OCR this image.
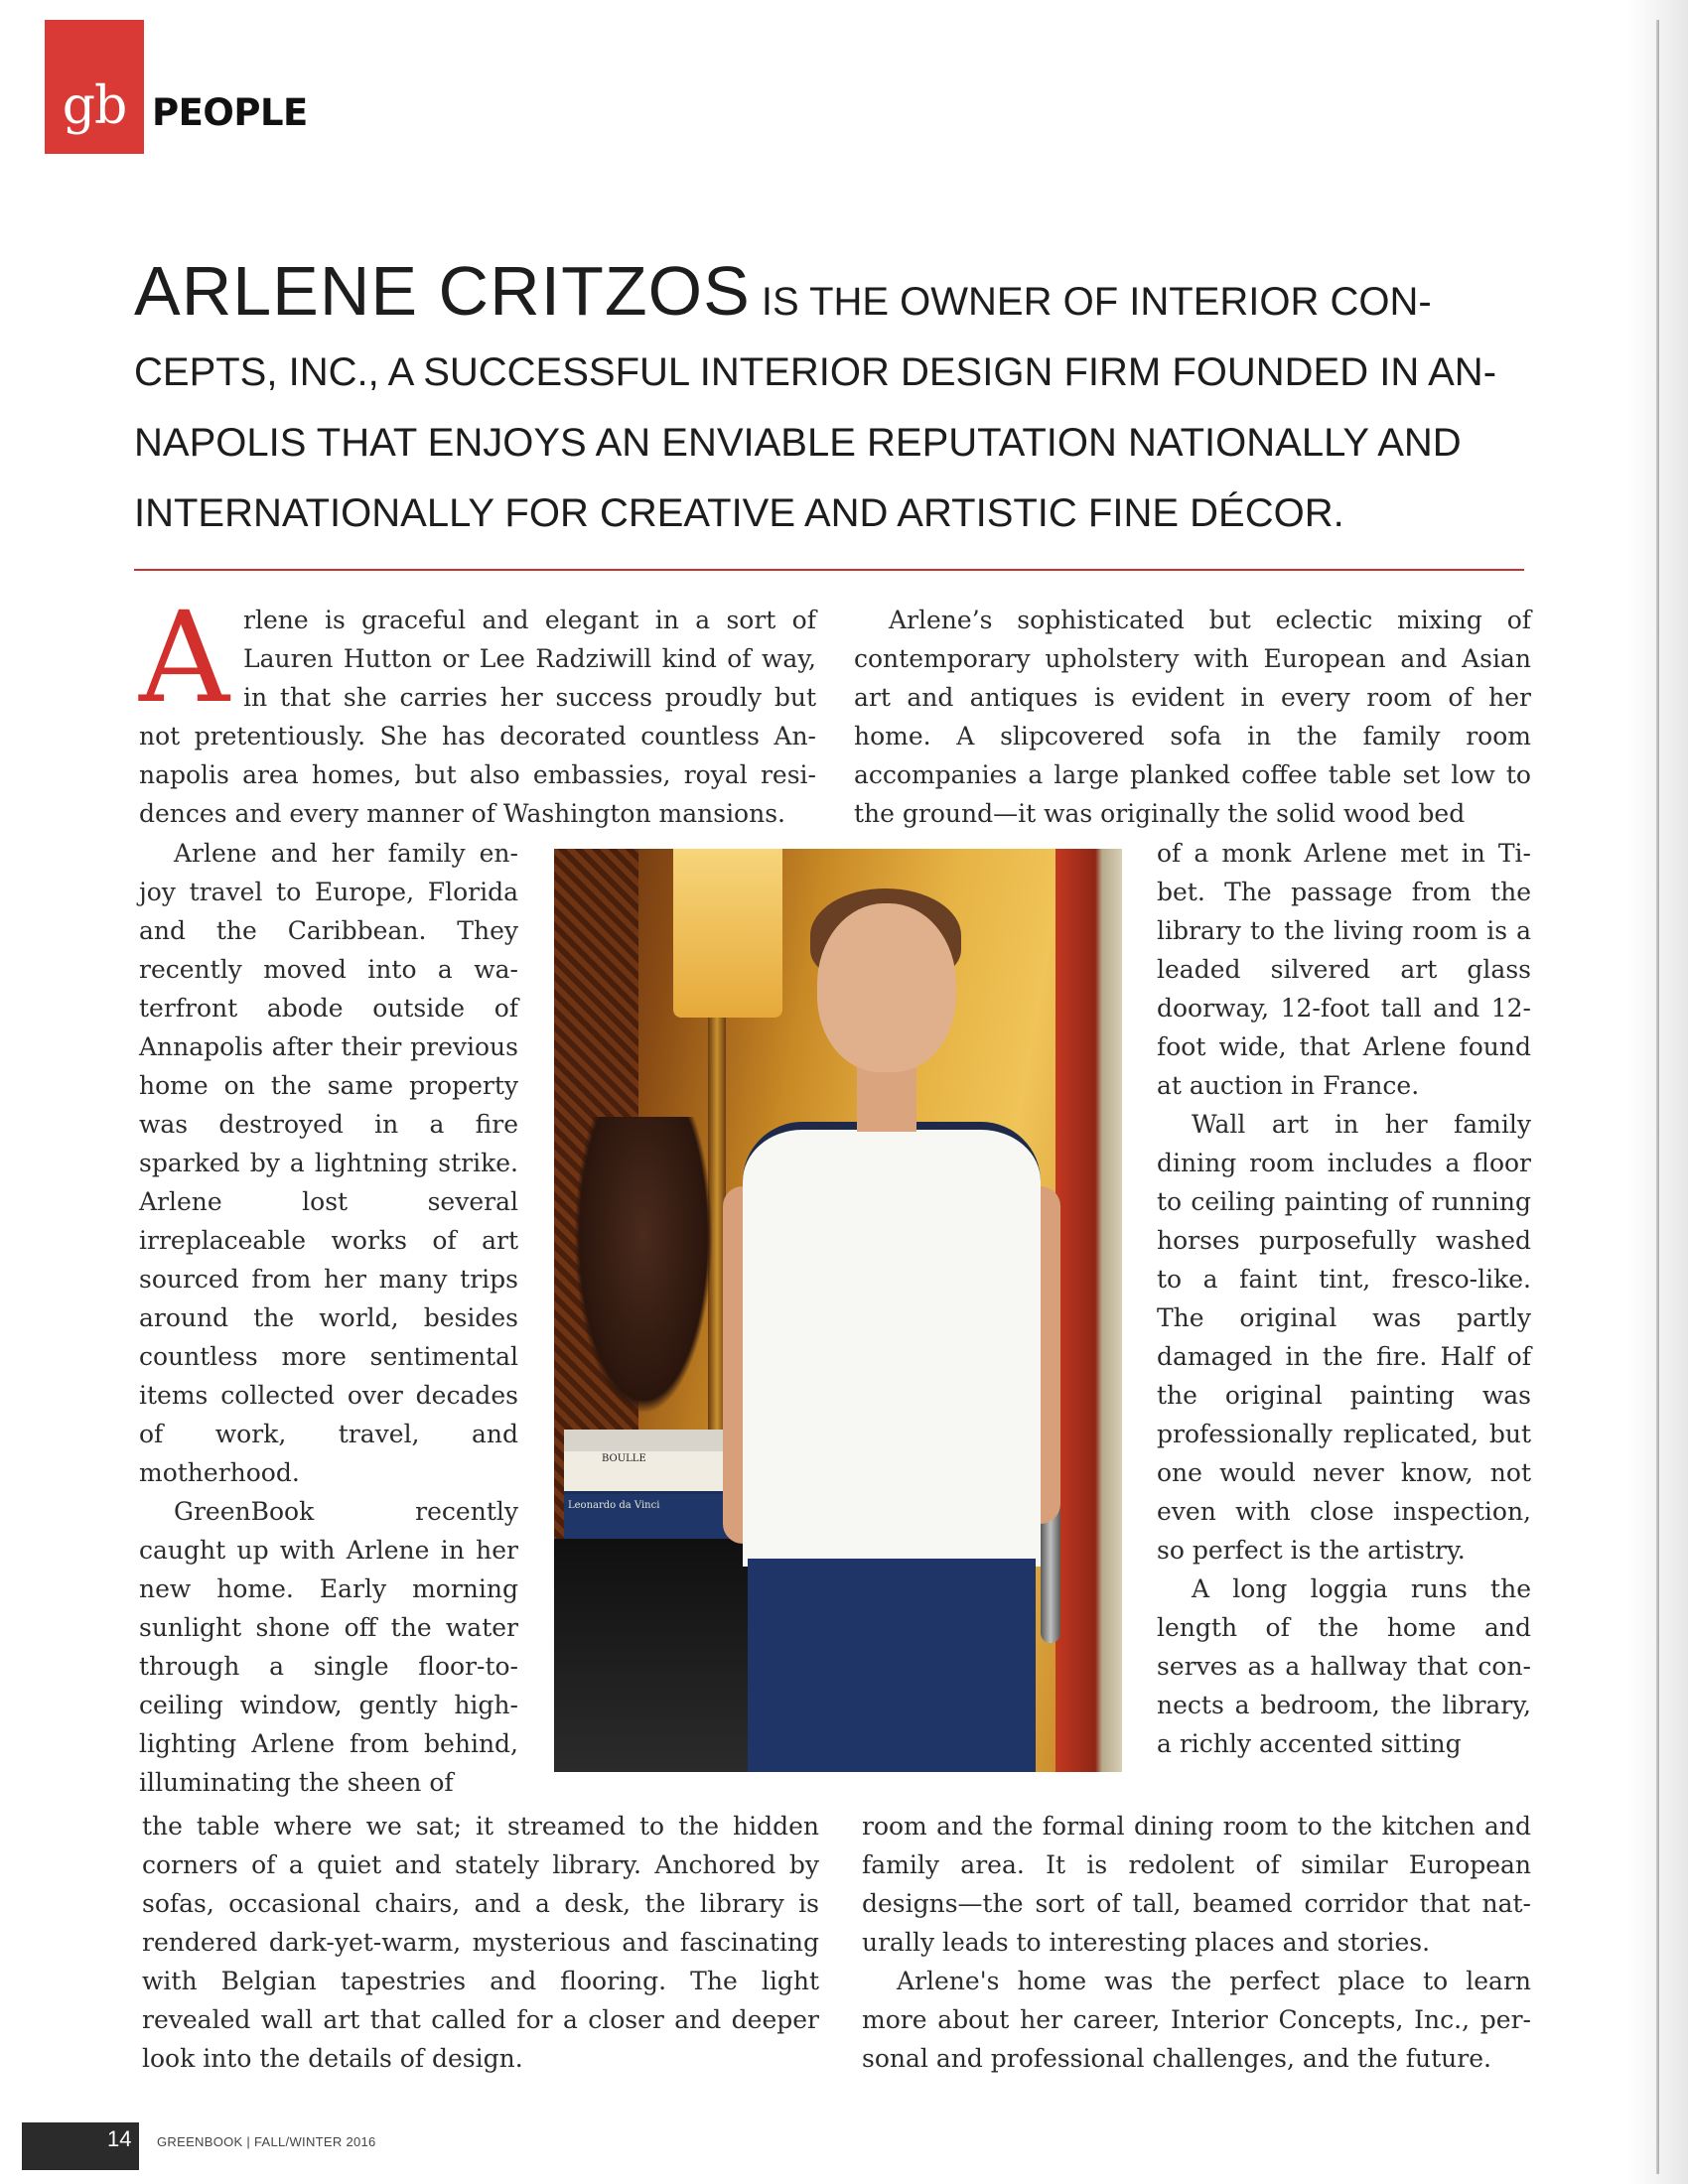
gb PEOPLE
ARLENE CRITZOS IS THE OWNER OF INTERIOR CONCEPTS, INC., A SUCCESSFUL INTERIOR DESIGN FIRM FOUNDED IN ANNAPOLIS THAT ENJOYS AN ENVIABLE REPUTATION NATIONALLY AND INTERNATIONALLY FOR CREATIVE AND ARTISTIC FINE DÉCOR.
A rlene is graceful and elegant in a sort of Lauren Hutton or Lee Radziwill kind of way, in that she carries her success proudly but not pretentiously. She has decorated countless Annapolis area homes, but also embassies, royal residences and every manner of Washington mansions.

Arlene and her family enjoy travel to Europe, Florida and the Caribbean. They recently moved into a waterfront abode outside of Annapolis after their previous home on the same property was destroyed in a fire sparked by a lightning strike. Arlene lost several irreplaceable works of art sourced from her many trips around the world, besides countless more sentimental items collected over decades of work, travel, and motherhood.

GreenBook recently caught up with Arlene in her new home. Early morning sunlight shone off the water through a single floor-to-ceiling window, gently highlighting Arlene from behind, illuminating the sheen of

the table where we sat; it streamed to the hidden corners of a quiet and stately library. Anchored by sofas, occasional chairs, and a desk, the library is rendered dark-yet-warm, mysterious and fascinating with Belgian tapestries and flooring. The light revealed wall art that called for a closer and deeper look into the details of design.

Arlene’s sophisticated but eclectic mixing of contemporary upholstery with European and Asian art and antiques is evident in every room of her home. A slipcovered sofa in the family room accompanies a large planked coffee table set low to the ground—it was originally the solid wood bed

of a monk Arlene met in Tibet. The passage from the library to the living room is a leaded silvered art glass doorway, 12-foot tall and 12-foot wide, that Arlene found at auction in France.

Wall art in her family dining room includes a floor to ceiling painting of running horses purposefully washed to a faint tint, fresco-like. The original was partly damaged in the fire. Half of the original painting was professionally replicated, but one would never know, not even with close inspection, so perfect is the artistry.

A long loggia runs the length of the home and serves as a hallway that connects a bedroom, the library, a richly accented sitting

room and the formal dining room to the kitchen and family area. It is redolent of similar European designs—the sort of tall, beamed corridor that naturally leads to interesting places and stories.

Arlene's home was the perfect place to learn more about her career, Interior Concepts, Inc., personal and professional challenges, and the future.

BOULLE
Leonardo da Vinci
14 GREENBOOK | FALL/WINTER 2016
